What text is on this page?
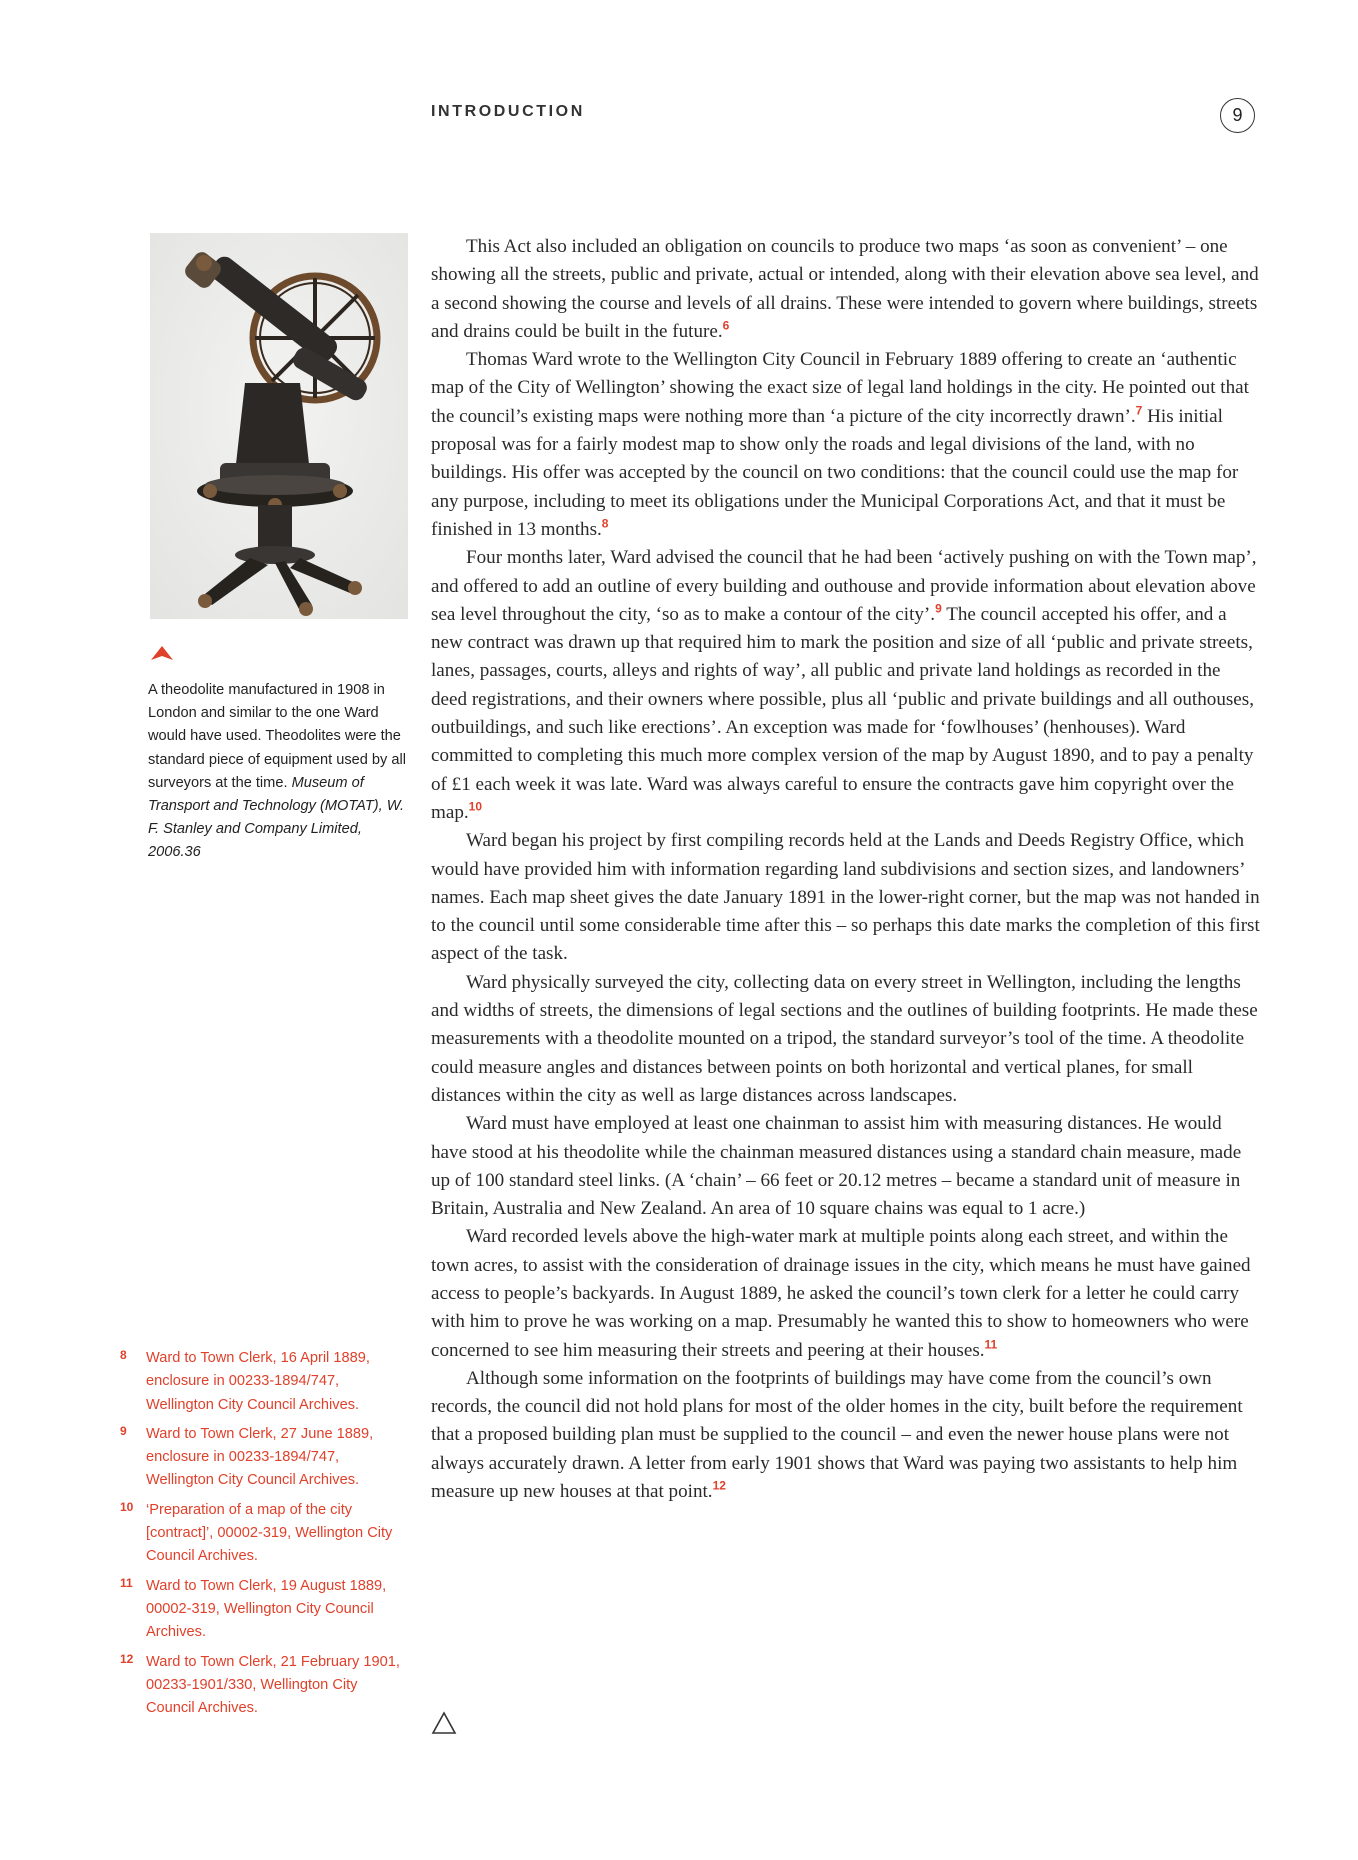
INTRODUCTION	9
A theodolite manufactured in 1908 in London and similar to the one Ward would have used. Theodolites were the standard piece of equipment used by all surveyors at the time. Museum of Transport and Technology (MOTAT), W. F. Stanley and Company Limited, 2006.36
8 Ward to Town Clerk, 16 April 1889, enclosure in 00233-1894/747, Wellington City Council Archives.
9 Ward to Town Clerk, 27 June 1889, enclosure in 00233-1894/747, Wellington City Council Archives.
10 ‘Preparation of a map of the city [contract]’, 00002-319, Wellington City Council Archives.
11 Ward to Town Clerk, 19 August 1889, 00002-319, Wellington City Council Archives.
12 Ward to Town Clerk, 21 February 1901, 00233-1901/330, Wellington City Council Archives.

This Act also included an obligation on councils to produce two maps ‘as soon as convenient’ – one showing all the streets, public and private, actual or intended, along with their elevation above sea level, and a second showing the course and levels of all drains. These were intended to govern where buildings, streets and drains could be built in the future.$^6$

Thomas Ward wrote to the Wellington City Council in February 1889 offering to create an ‘authentic map of the City of Wellington’ showing the exact size of legal land holdings in the city. He pointed out that the council’s existing maps were nothing more than ‘a picture of the city incorrectly drawn’.$^7$ His initial proposal was for a fairly modest map to show only the roads and legal divisions of the land, with no buildings. His offer was accepted by the council on two conditions: that the council could use the map for any purpose, including to meet its obligations under the Municipal Corporations Act, and that it must be finished in 13 months.$^8$

Four months later, Ward advised the council that he had been ‘actively pushing on with the Town map’, and offered to add an outline of every building and outhouse and provide information about elevation above sea level throughout the city, ‘so as to make a contour of the city’.$^9$ The council accepted his offer, and a new contract was drawn up that required him to mark the position and size of all ‘public and private streets, lanes, passages, courts, alleys and rights of way’, all public and private land holdings as recorded in the deed registrations, and their owners where possible, plus all ‘public and private buildings and all outhouses, outbuildings, and such like erections’. An exception was made for ‘fowlhouses’ (henhouses). Ward committed to completing this much more complex version of the map by August 1890, and to pay a penalty of £1 each week it was late. Ward was always careful to ensure the contracts gave him copyright over the map.$^{10}$

Ward began his project by first compiling records held at the Lands and Deeds Registry Office, which would have provided him with information regarding land subdivisions and section sizes, and landowners’ names. Each map sheet gives the date January 1891 in the lower-right corner, but the map was not handed in to the council until some considerable time after this – so perhaps this date marks the completion of this first aspect of the task.

Ward physically surveyed the city, collecting data on every street in Wellington, including the lengths and widths of streets, the dimensions of legal sections and the outlines of building footprints. He made these measurements with a theodolite mounted on a tripod, the standard surveyor’s tool of the time. A theodolite could measure angles and distances between points on both horizontal and vertical planes, for small distances within the city as well as large distances across landscapes.

Ward must have employed at least one chainman to assist him with measuring distances. He would have stood at his theodolite while the chainman measured distances using a standard chain measure, made up of 100 standard steel links. (A ‘chain’ – 66 feet or 20.12 metres – became a standard unit of measure in Britain, Australia and New Zealand. An area of 10 square chains was equal to 1 acre.)

Ward recorded levels above the high-water mark at multiple points along each street, and within the town acres, to assist with the consideration of drainage issues in the city, which means he must have gained access to people’s backyards. In August 1889, he asked the council’s town clerk for a letter he could carry with him to prove he was working on a map. Presumably he wanted this to show to homeowners who were concerned to see him measuring their streets and peering at their houses.$^{11}$

Although some information on the footprints of buildings may have come from the council’s own records, the council did not hold plans for most of the older homes in the city, built before the requirement that a proposed building plan must be supplied to the council – and even the newer house plans were not always accurately drawn. A letter from early 1901 shows that Ward was paying two assistants to help him measure up new houses at that point.$^{12}$
